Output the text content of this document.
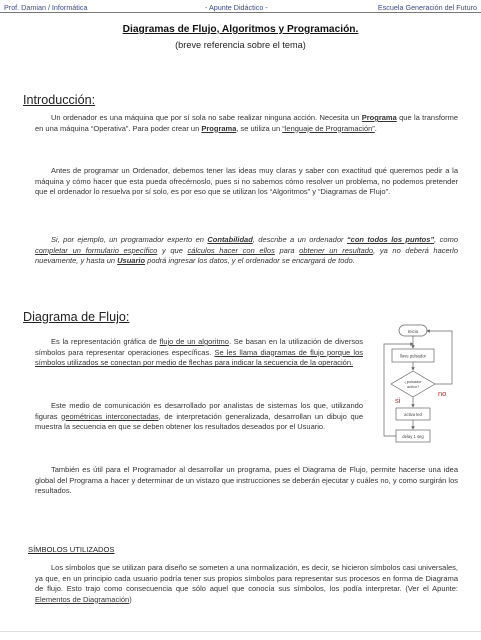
Prof. Damian / Informática	- Apunte Didáctico -	Escuela Generación del Futuro
Diagramas de Flujo, Algoritmos y Programación.
(breve referencia sobre el tema)
Introducción:

Un ordenador es una máquina que por sí sola no sabe realizar ninguna acción. Necesita un Programa que la transforme en una máquina “Operativa”. Para poder crear un Programa, se utiliza un “lenguaje de Programación”.

Antes de programar un Ordenador, debemos tener las ideas muy claras y saber con exactitud qué queremos pedir a la máquina y cómo hacer que esta pueda ofrecérnoslo, pues si no sabemos cómo resolver un problema, no podemos pretender que el ordenador lo resuelva por sí solo, es por eso que se utilizan los “Algoritmos” y “Diagramas de Flujo”.

Si, por ejemplo, un programador experto en Contabilidad, describe a un ordenador “con todos los puntos”, como completar un formulario específico y que cálculos hacer con ellos para obtener un resultado, ya no deberá hacerlo nuevamente, y hasta un Usuario podrá ingresar los datos, y el ordenador se encargará de todo.

Diagrama de Flujo:

Es la representación gráfica de flujo de un algoritmo. Se basan en la utilización de diversos símbolos para representar operaciones específicas. Se les llama diagramas de flujo porque los símbolos utilizados se conectan por medio de flechas para indicar la secuencia de la operación.

Este medio de comunicación es desarrollado por analistas de sistemas los que, utilizando figuras geométricas interconectadas, de interpretación generalizada, desarrollan un dibujo que muestra la secuencia en que se deben obtener los resultados deseados por el Usuario.

También es útil para el Programador al desarrollar un programa, pues el Diagrama de Flujo, permite hacerse una idea global del Programa a hacer y determinar de un vistazo que instrucciones se deberán ejecutar y cuáles no, y como surgirán los resultados.

Inicio
llave pulsador
¿pulsador
activo?
no
si
activa led
delay 1 seg
SÍMBOLOS UTILIZADOS

Los símbolos que se utilizan para diseño se someten a una normalización, es decir, se hicieron símbolos casi universales, ya que, en un principio cada usuario podría tener sus propios símbolos para representar sus procesos en forma de Diagrama de flujo. Esto trajo como consecuencia que sólo aquel que conocía sus símbolos, los podía interpretar. (Ver el Apunte: Elementos de Diagramación)
